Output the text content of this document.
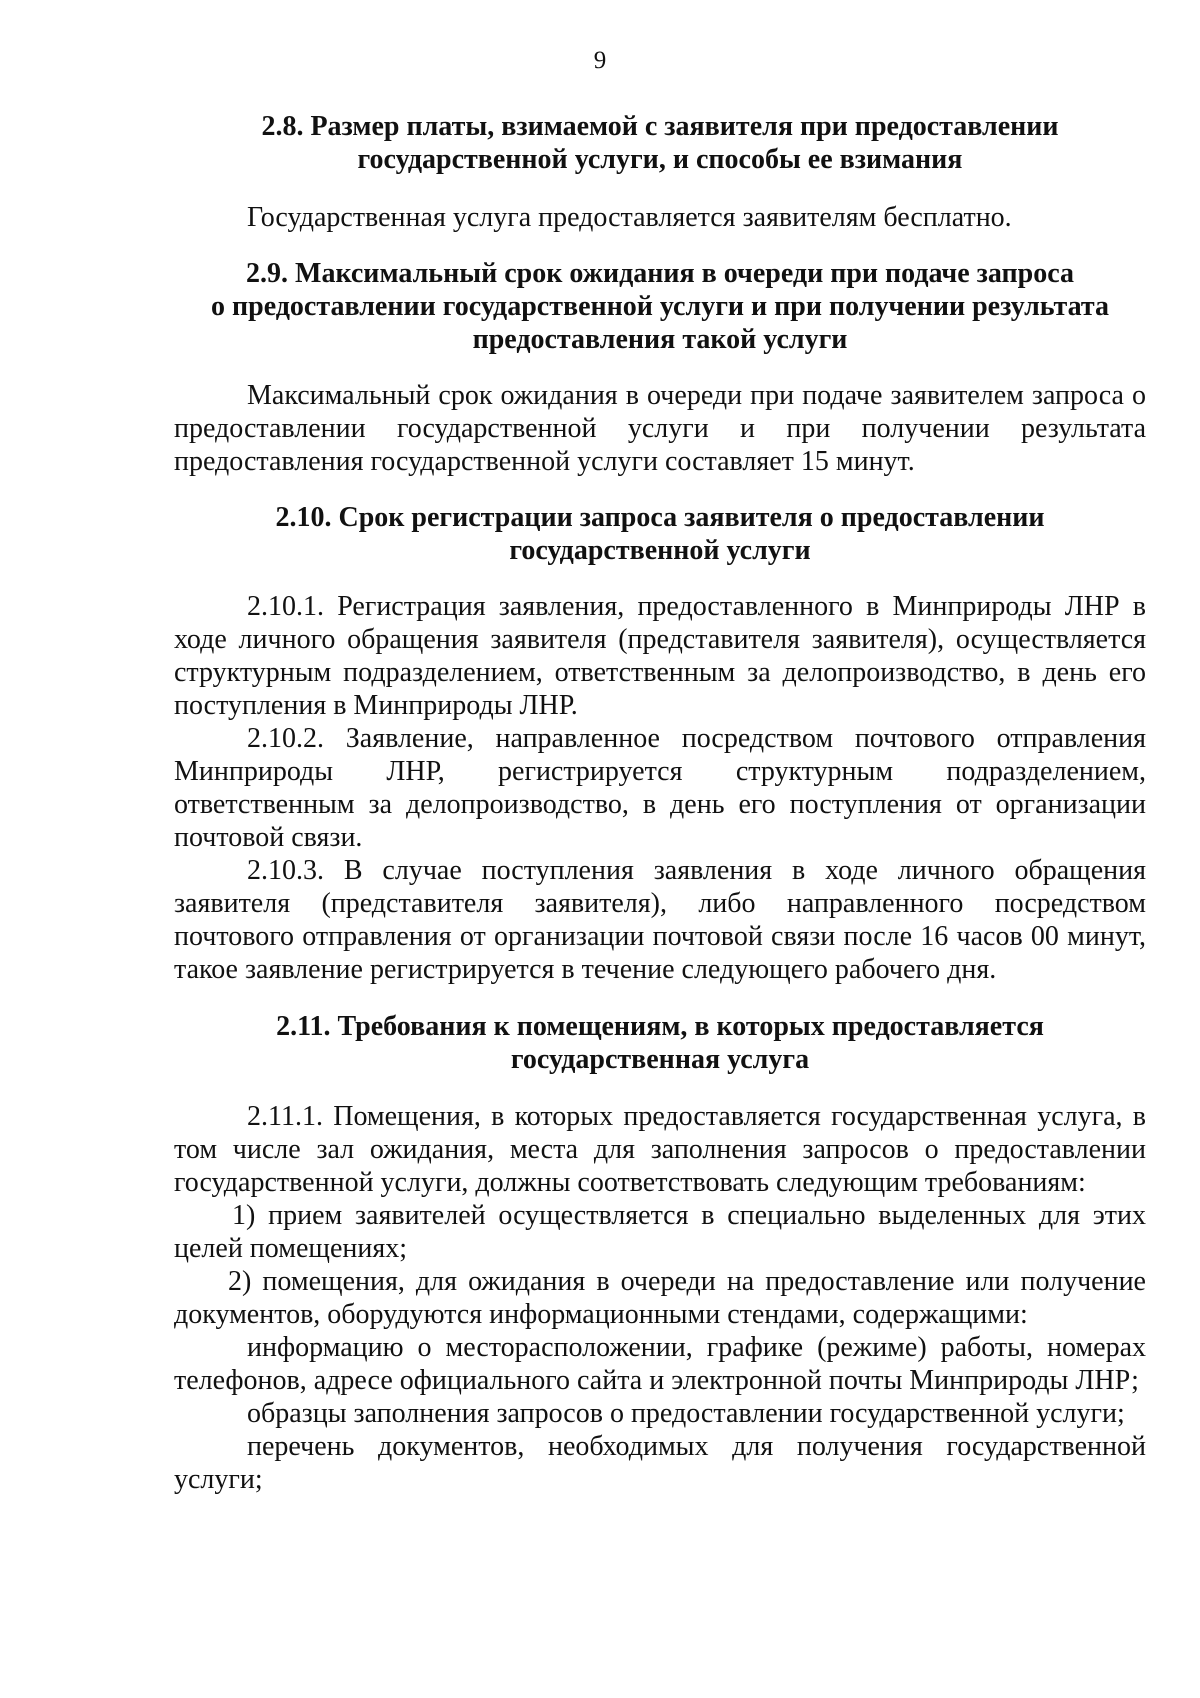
9

2.8. Размер платы, взимаемой с заявителя при предоставлении
государственной услуги, и способы ее взимания

Государственная услуга предоставляется заявителям бесплатно.

2.9. Максимальный срок ожидания в очереди при подаче запроса
о предоставлении государственной услуги и при получении результата
предоставления такой услуги

Максимальный срок ожидания в очереди при подаче заявителем запроса о предоставлении государственной услуги и при получении результата предоставления государственной услуги составляет 15 минут.

2.10. Срок регистрации запроса заявителя о предоставлении
государственной услуги

2.10.1. Регистрация заявления, предоставленного в Минприроды ЛНР в ходе личного обращения заявителя (представителя заявителя), осуществляется структурным подразделением, ответственным за делопроизводство, в день его поступления в Минприроды ЛНР.

2.10.2. Заявление, направленное посредством почтового отправления Минприроды ЛНР, регистрируется структурным подразделением, ответственным за делопроизводство, в день его поступления от организации почтовой связи.

2.10.3. В случае поступления заявления в ходе личного обращения заявителя (представителя заявителя), либо направленного посредством почтового отправления от организации почтовой связи после 16 часов 00 минут, такое заявление регистрируется в течение следующего рабочего дня.

2.11. Требования к помещениям, в которых предоставляется
государственная услуга

2.11.1. Помещения, в которых предоставляется государственная услуга, в том числе зал ожидания, места для заполнения запросов о предоставлении государственной услуги, должны соответствовать следующим требованиям:

1) прием заявителей осуществляется в специально выделенных для этих целей помещениях;

2) помещения, для ожидания в очереди на предоставление или получение документов, оборудуются информационными стендами, содержащими:

информацию о месторасположении, графике (режиме) работы, номерах телефонов, адресе официального сайта и электронной почты Минприроды ЛНР;

образцы заполнения запросов о предоставлении государственной услуги;

перечень документов, необходимых для получения государственной услуги;
